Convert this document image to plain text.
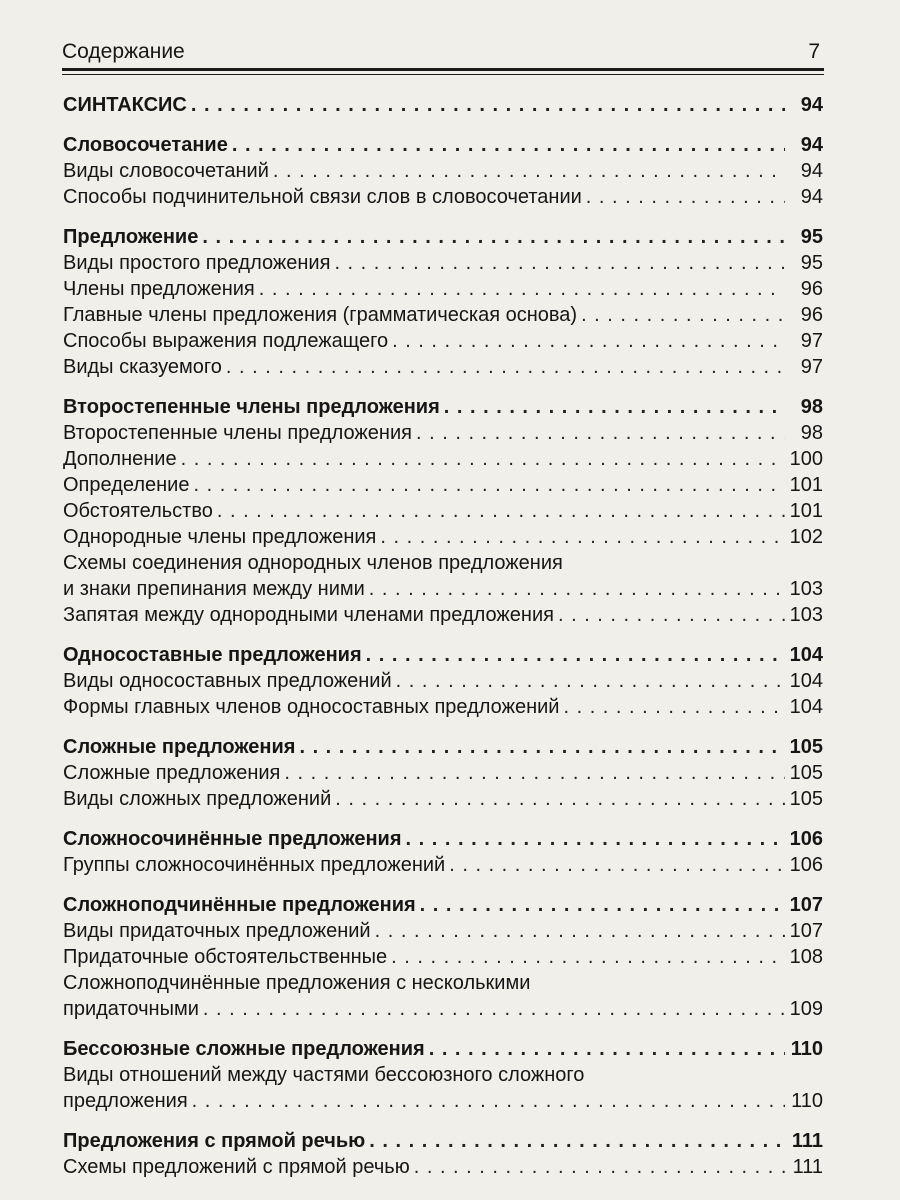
Содержание	7
СИНТАКСИС . . .	94
Словосочетание . . .	94
Виды словосочетаний . . .	94
Способы подчинительной связи слов в словосочетании . . .	94
Предложение . . .	95
Виды простого предложения . . .	95
Члены предложения . . .	96
Главные члены предложения (грамматическая основа) . . .	96
Способы выражения подлежащего . . .	97
Виды сказуемого . . .	97
Второстепенные члены предложения . . .	98
Второстепенные члены предложения . . .	98
Дополнение . . .	100
Определение . . .	101
Обстоятельство . . .	101
Однородные члены предложения . . .	102
Схемы соединения однородных членов предложения
и знаки препинания между ними . . .	103
Запятая между однородными членами предложения . . .	103
Односоставные предложения . . .	104
Виды односоставных предложений . . .	104
Формы главных членов односоставных предложений . . .	104
Сложные предложения . . .	105
Сложные предложения . . .	105
Виды сложных предложений . . .	105
Сложносочинённые предложения . . .	106
Группы сложносочинённых предложений . . .	106
Сложноподчинённые предложения . . .	107
Виды придаточных предложений . . .	107
Придаточные обстоятельственные . . .	108
Сложноподчинённые предложения с несколькими
придаточными . . .	109
Бессоюзные сложные предложения . . .	110
Виды отношений между частями бессоюзного сложного
предложения . . .	110
Предложения с прямой речью . . .	111
Схемы предложений с прямой речью . . .	111
